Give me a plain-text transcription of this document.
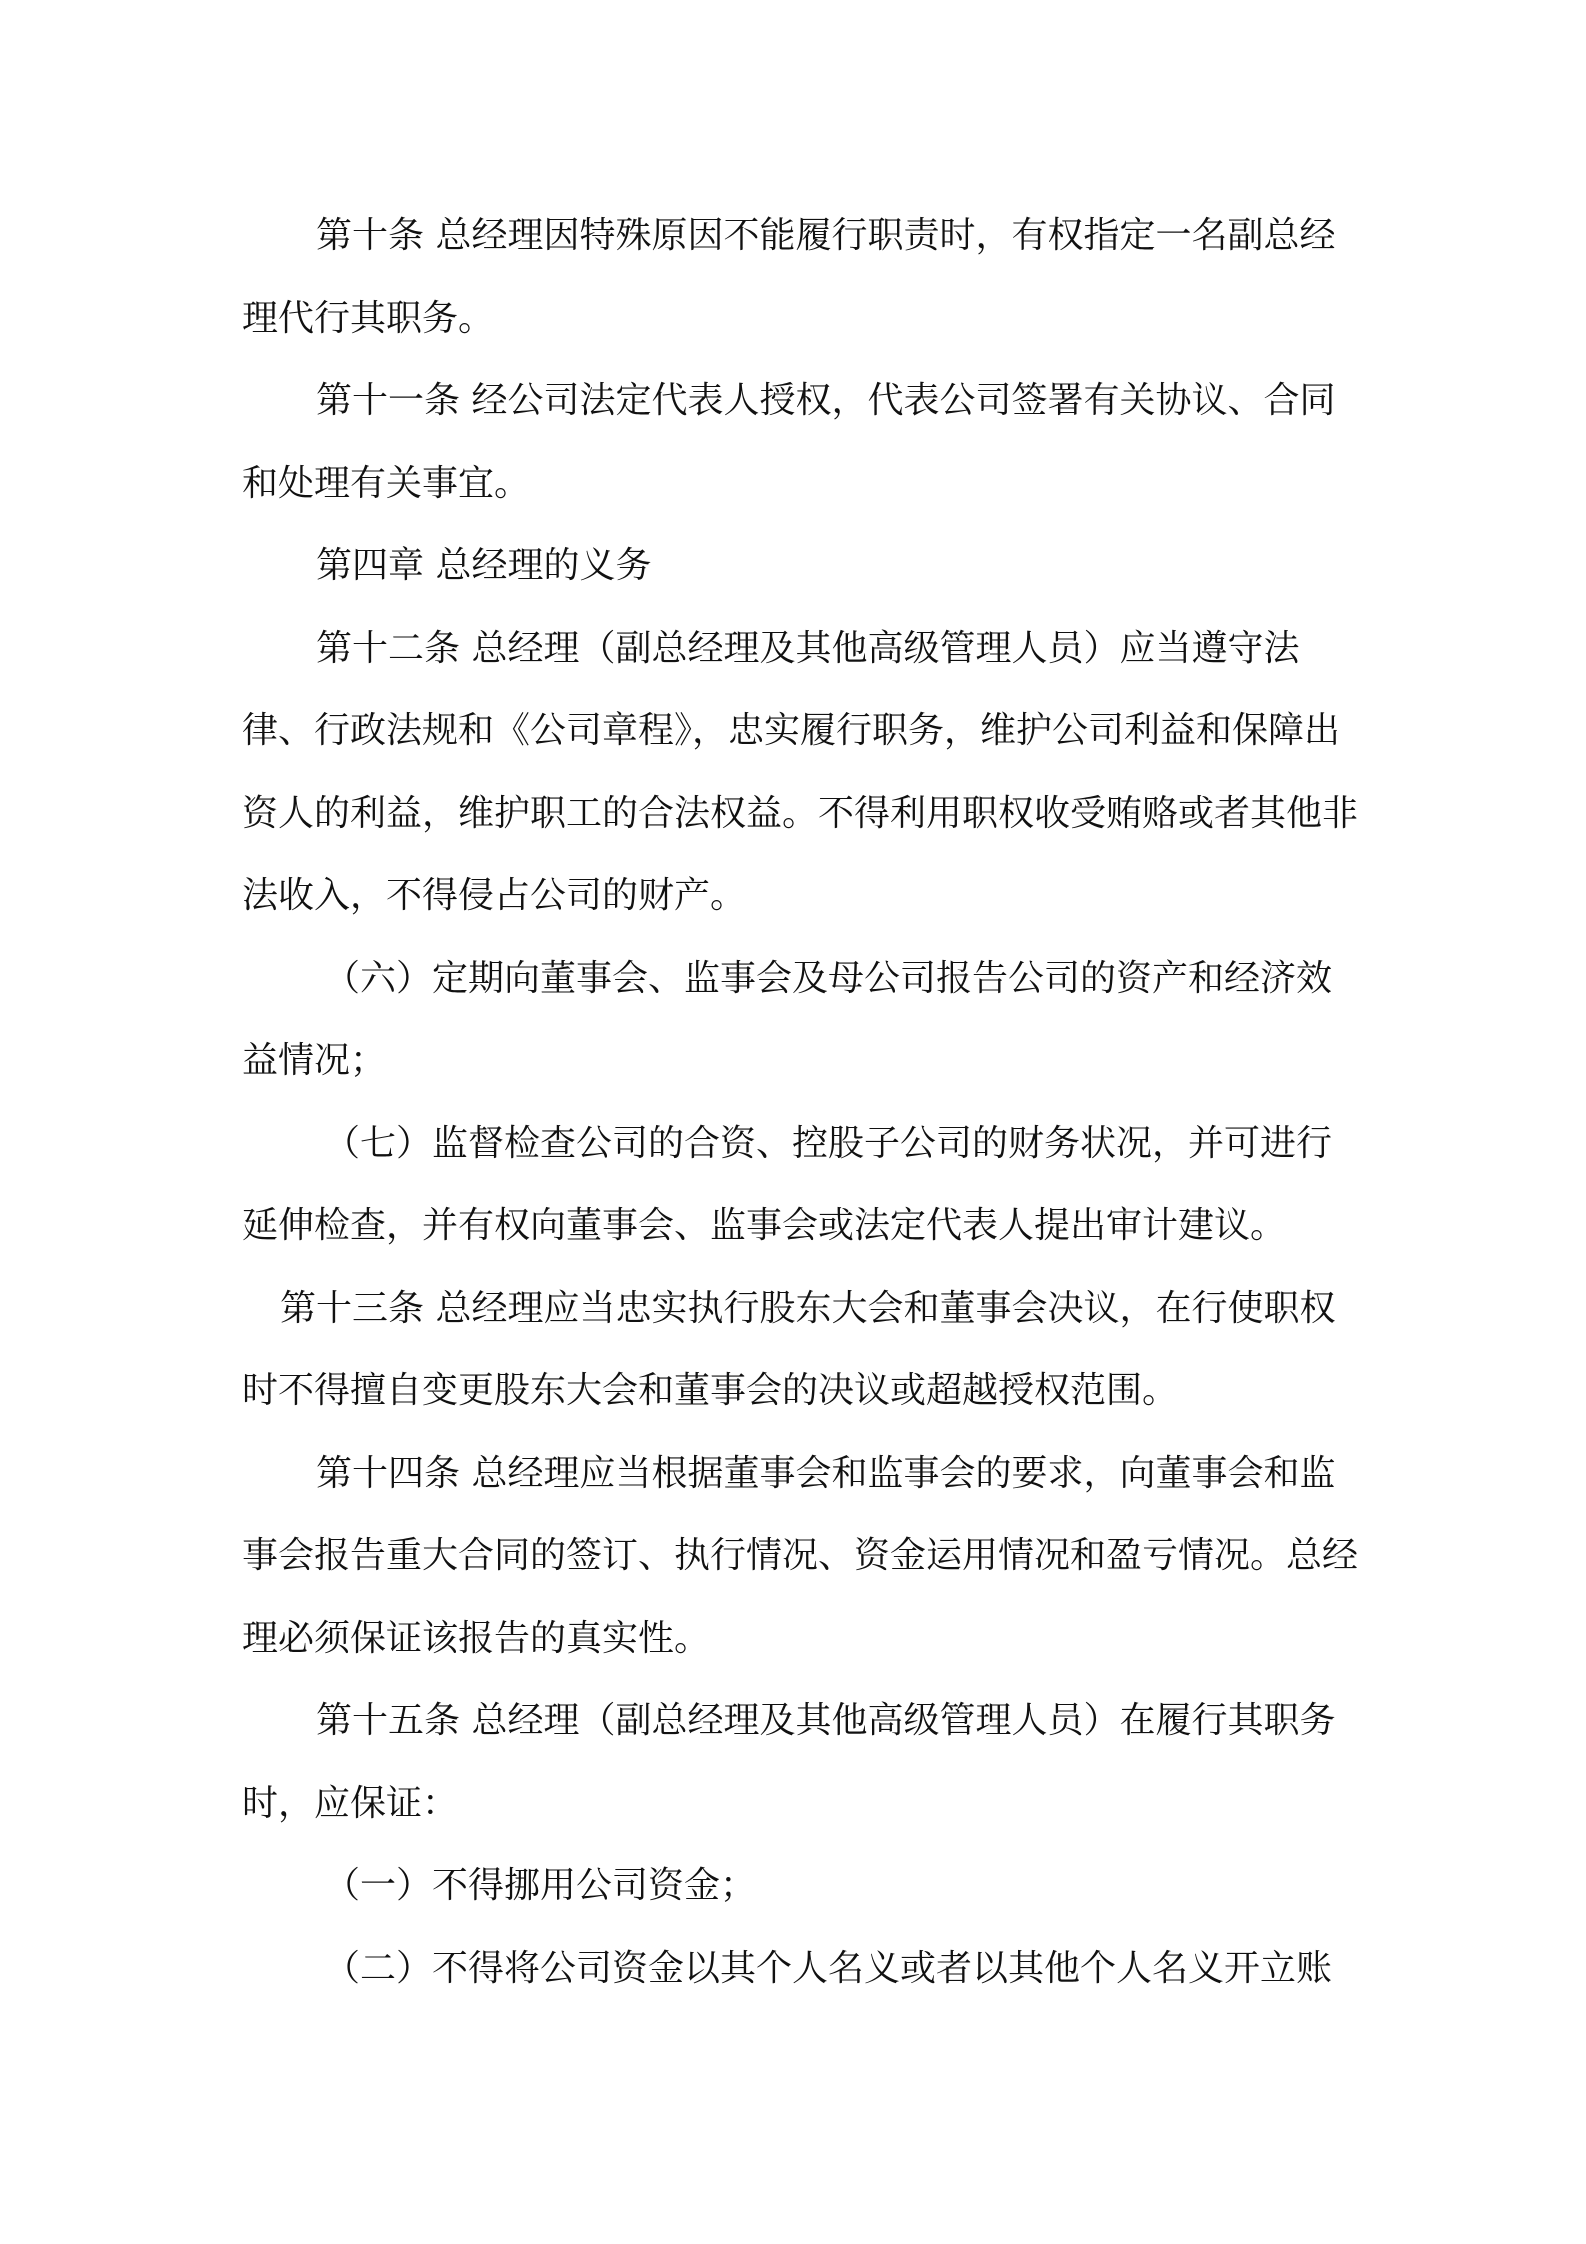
第十条 总经理因特殊原因不能履行职责时，有权指定一名副总经理代行其职务。

第十一条 经公司法定代表人授权，代表公司签署有关协议、合同和处理有关事宜。

第四章 总经理的义务

第十二条 总经理（副总经理及其他高级管理人员）应当遵守法律、行政法规和《公司章程》，忠实履行职务，维护公司利益和保障出资人的利益，维护职工的合法权益。不得利用职权收受贿赂或者其他非法收入，不得侵占公司的财产。

（六）定期向董事会、监事会及母公司报告公司的资产和经济效益情况；

（七）监督检查公司的合资、控股子公司的财务状况，并可进行延伸检查，并有权向董事会、监事会或法定代表人提出审计建议。

第十三条 总经理应当忠实执行股东大会和董事会决议，在行使职权时不得擅自变更股东大会和董事会的决议或超越授权范围。

第十四条 总经理应当根据董事会和监事会的要求，向董事会和监事会报告重大合同的签订、执行情况、资金运用情况和盈亏情况。总经理必须保证该报告的真实性。

第十五条 总经理（副总经理及其他高级管理人员）在履行其职务时，应保证：

（一）不得挪用公司资金；

（二）不得将公司资金以其个人名义或者以其他个人名义开立账
